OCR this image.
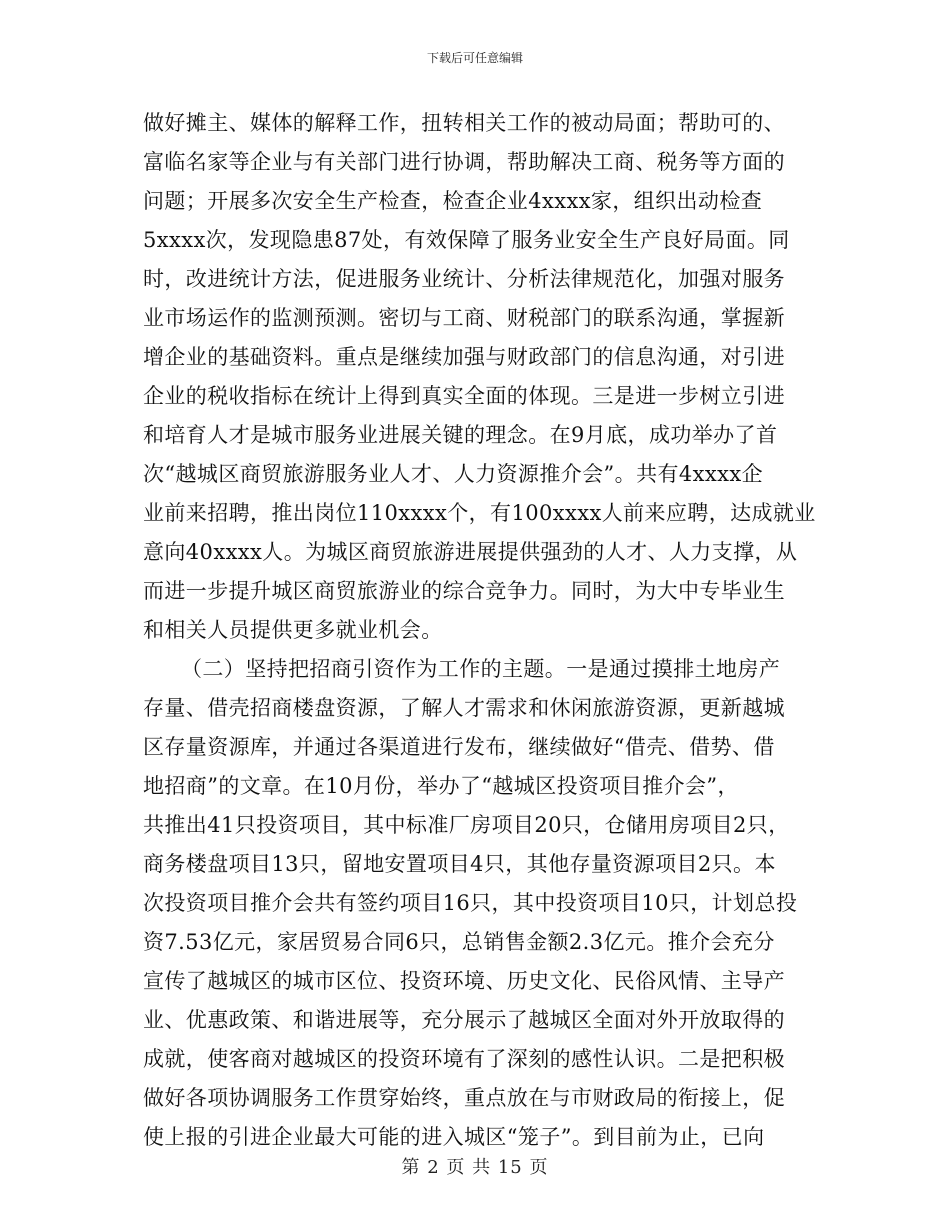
下载后可任意编辑
做好摊主、媒体的解释工作，扭转相关工作的被动局面；帮助可的、
富临名家等企业与有关部门进行协调，帮助解决工商、税务等方面的
问题；开展多次安全生产检查，检查企业4xxxx家，组织出动检查
5xxxx次，发现隐患87处，有效保障了服务业安全生产良好局面。同
时，改进统计方法，促进服务业统计、分析法律规范化，加强对服务
业市场运作的监测预测。密切与工商、财税部门的联系沟通，掌握新
增企业的基础资料。重点是继续加强与财政部门的信息沟通，对引进
企业的税收指标在统计上得到真实全面的体现。三是进一步树立引进
和培育人才是城市服务业进展关键的理念。在9月底，成功举办了首
次“越城区商贸旅游服务业人才、人力资源推介会”。共有4xxxx企
业前来招聘，推出岗位110xxxx个，有100xxxx人前来应聘，达成就业
意向40xxxx人。为城区商贸旅游进展提供强劲的人才、人力支撑，从
而进一步提升城区商贸旅游业的综合竞争力。同时，为大中专毕业生
和相关人员提供更多就业机会。
（二）坚持把招商引资作为工作的主题。一是通过摸排土地房产
存量、借壳招商楼盘资源，了解人才需求和休闲旅游资源，更新越城
区存量资源库，并通过各渠道进行发布，继续做好“借壳、借势、借
地招商”的文章。在10月份，举办了“越城区投资项目推介会”，
共推出41只投资项目，其中标准厂房项目20只，仓储用房项目2只，
商务楼盘项目13只，留地安置项目4只，其他存量资源项目2只。本
次投资项目推介会共有签约项目16只，其中投资项目10只，计划总投
资7.53亿元，家居贸易合同6只，总销售金额2.3亿元。推介会充分
宣传了越城区的城市区位、投资环境、历史文化、民俗风情、主导产
业、优惠政策、和谐进展等，充分展示了越城区全面对外开放取得的
成就，使客商对越城区的投资环境有了深刻的感性认识。二是把积极
做好各项协调服务工作贯穿始终，重点放在与市财政局的衔接上，促
使上报的引进企业最大可能的进入城区“笼子”。到目前为止，已向
第 2 页 共 15 页
